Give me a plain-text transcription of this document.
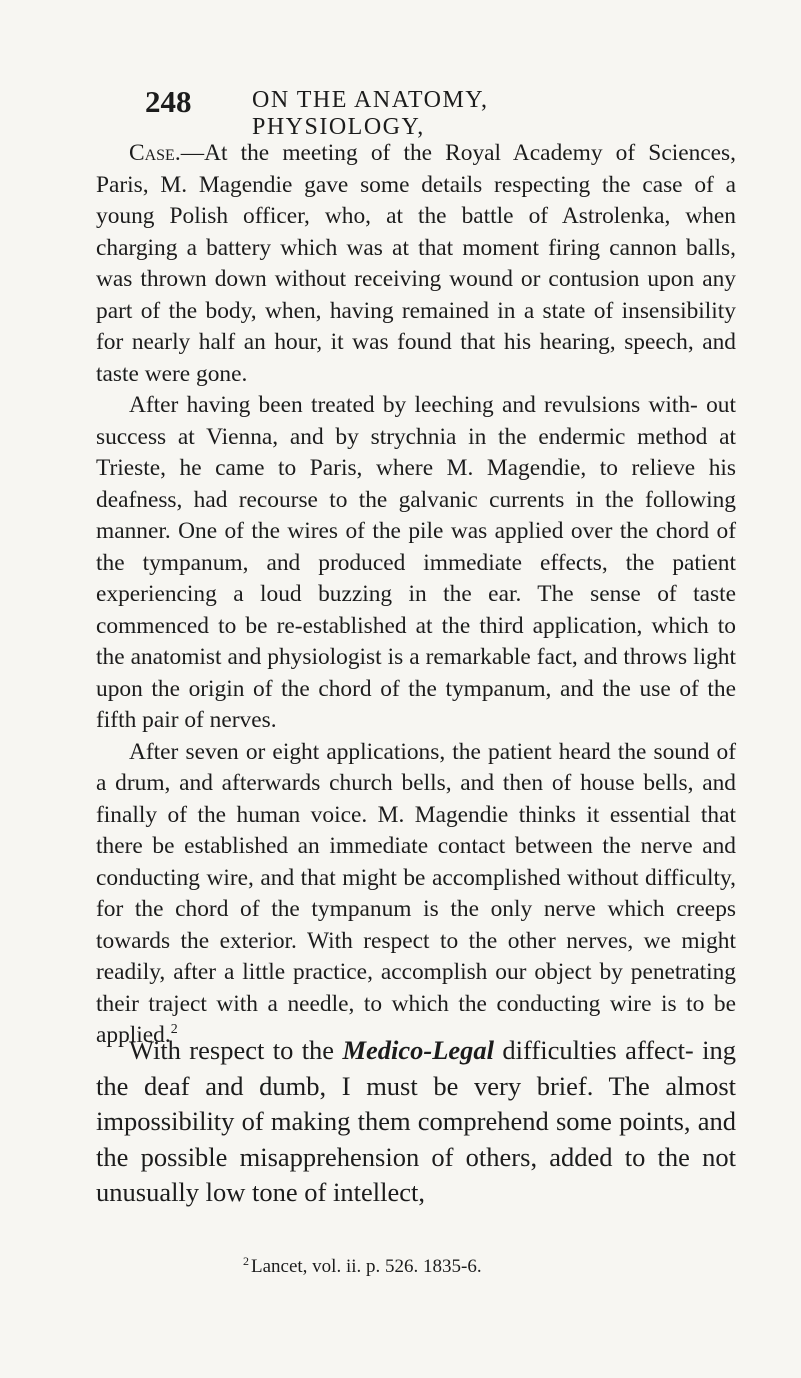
248	ON THE ANATOMY, PHYSIOLOGY,

Case.—At the meeting of the Royal Academy of Sciences, Paris, M. Magendie gave some details respecting the case of a young Polish officer, who, at the battle of Astrolenka, when charging a battery which was at that moment firing cannon balls, was thrown down without receiving wound or contusion upon any part of the body, when, having remained in a state of insensibility for nearly half an hour, it was found that his hearing, speech, and taste were gone.

After having been treated by leeching and revulsions with- out success at Vienna, and by strychnia in the endermic method at Trieste, he came to Paris, where M. Magendie, to relieve his deafness, had recourse to the galvanic currents in the following manner. One of the wires of the pile was applied over the chord of the tympanum, and produced immediate effects, the patient experiencing a loud buzzing in the ear. The sense of taste commenced to be re-established at the third application, which to the anatomist and physiologist is a remarkable fact, and throws light upon the origin of the chord of the tympanum, and the use of the fifth pair of nerves.

After seven or eight applications, the patient heard the sound of a drum, and afterwards church bells, and then of house bells, and finally of the human voice. M. Magendie thinks it essential that there be established an immediate contact between the nerve and conducting wire, and that might be accomplished without difficulty, for the chord of the tympanum is the only nerve which creeps towards the exterior. With respect to the other nerves, we might readily, after a little practice, accomplish our object by penetrating their traject with a needle, to which the conducting wire is to be applied.$^2$

With respect to the Medico-Legal difficulties affect- ing the deaf and dumb, I must be very brief. The almost impossibility of making them comprehend some points, and the possible misapprehension of others, added to the not unusually low tone of intellect,

$^2$ Lancet, vol. ii. p. 526. 1835-6.
